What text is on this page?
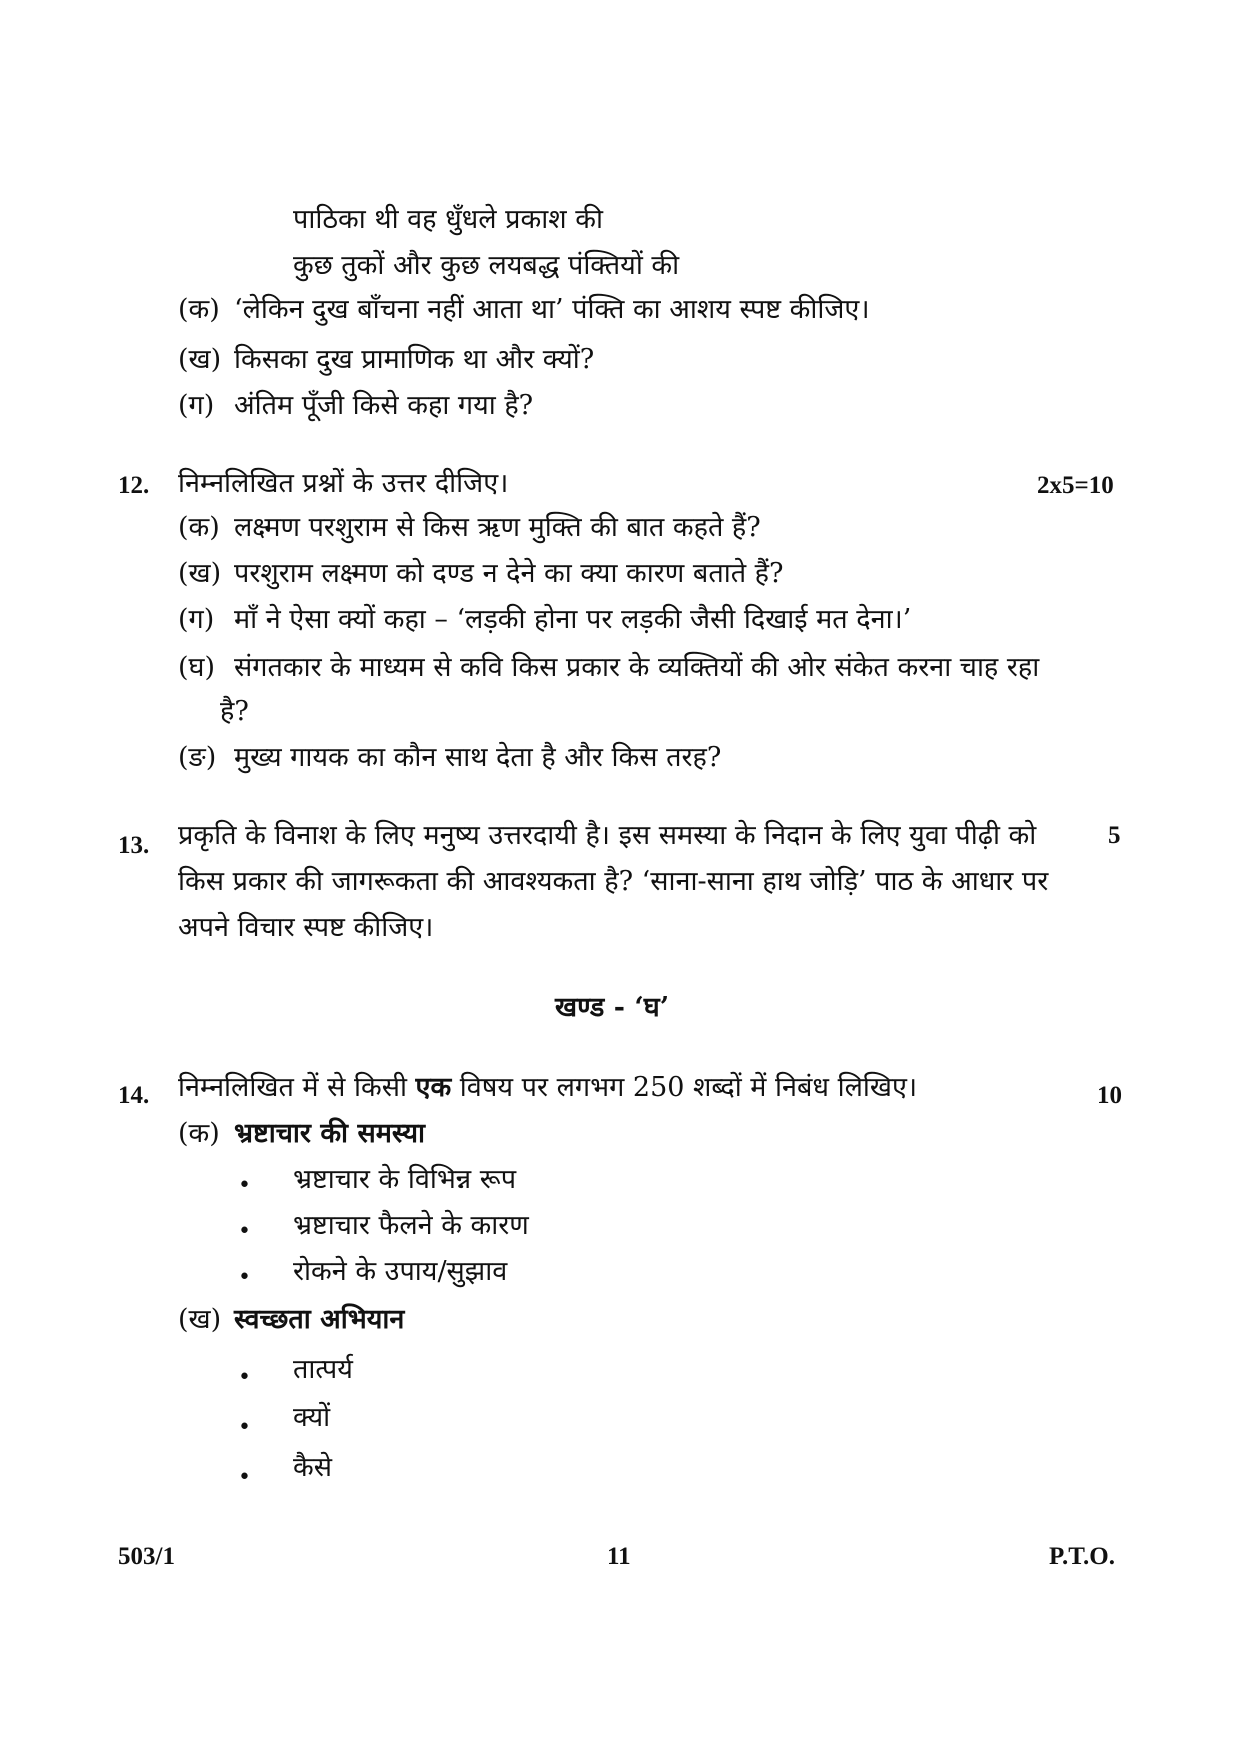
पाठिका थी वह धुँधले प्रकाश की
कुछ तुकों और कुछ लयबद्ध पंक्तियों की
(क) ‘लेकिन दुख बाँचना नहीं आता था’ पंक्ति का आशय स्पष्ट कीजिए।
(ख) किसका दुख प्रामाणिक था और क्यों?
(ग) अंतिम पूँजी किसे कहा गया है?
12. निम्नलिखित प्रश्नों के उत्तर दीजिए।	2x5=10
(क) लक्ष्मण परशुराम से किस ऋण मुक्ति की बात कहते हैं?
(ख) परशुराम लक्ष्मण को दण्ड न देने का क्या कारण बताते हैं?
(ग) माँ ने ऐसा क्यों कहा – ‘लड़की होना पर लड़की जैसी दिखाई मत देना।’
(घ) संगतकार के माध्यम से कवि किस प्रकार के व्यक्तियों की ओर संकेत करना चाह रहा
है?
(ङ) मुख्य गायक का कौन साथ देता है और किस तरह?
13. प्रकृति के विनाश के लिए मनुष्य उत्तरदायी है। इस समस्या के निदान के लिए युवा पीढ़ी को	5
किस प्रकार की जागरूकता की आवश्यकता है? ‘साना-साना हाथ जोड़ि’ पाठ के आधार पर
अपने विचार स्पष्ट कीजिए।
खण्ड - ‘घ’
14. निम्नलिखित में से किसी एक विषय पर लगभग 250 शब्दों में निबंध लिखिए।	10
(क) भ्रष्टाचार की समस्या
• भ्रष्टाचार के विभिन्न रूप
• भ्रष्टाचार फैलने के कारण
• रोकने के उपाय/सुझाव
(ख) स्वच्छता अभियान
• तात्पर्य
• क्यों
• कैसे
503/1	11	P.T.O.
